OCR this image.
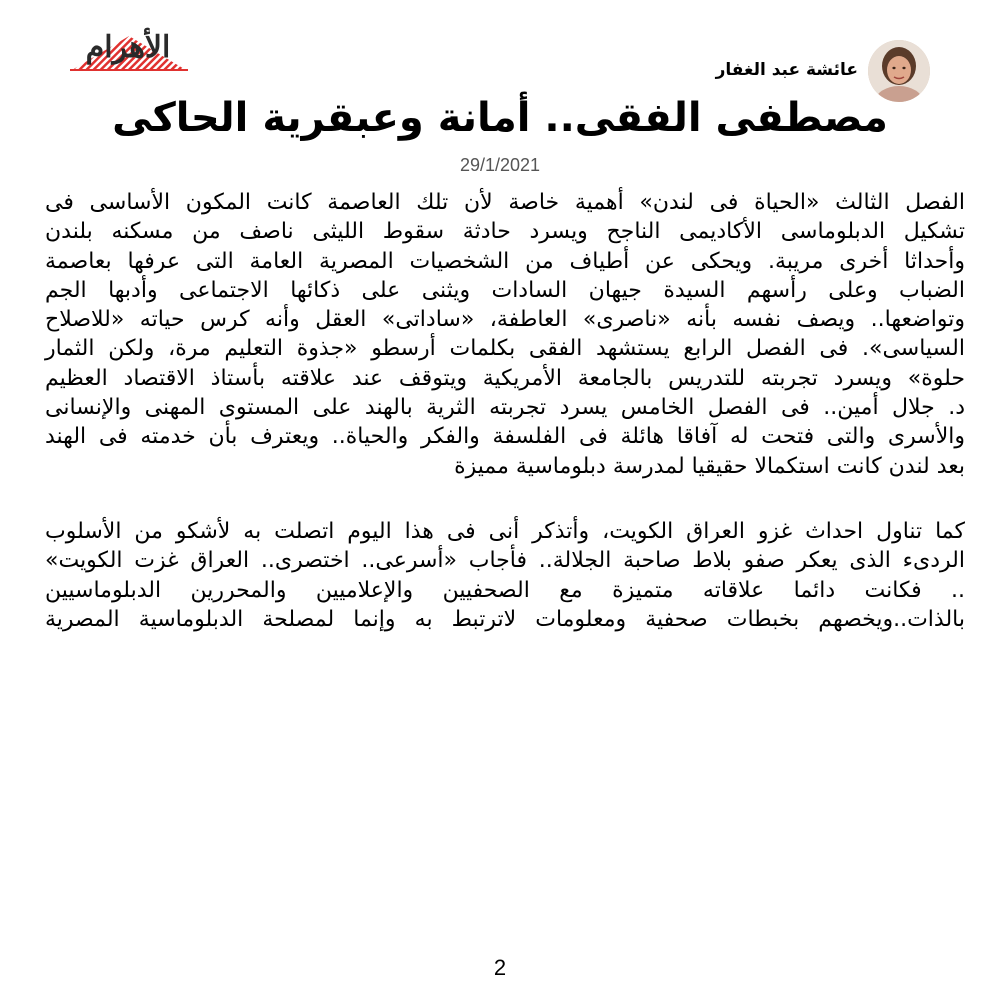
الأهرام
عائشة عبد الغفار
مصطفى الفقى.. أمانة وعبقرية الحاكى
29/1/2021
الفصل الثالث «الحياة فى لندن» أهمية خاصة لأن تلك العاصمة كانت المكون الأساسى فى
تشكيل الدبلوماسى الأكاديمى الناجح ويسرد حادثة سقوط الليثى ناصف من مسكنه بلندن
وأحداثا أخرى مريبة. ويحكى عن أطياف من الشخصيات المصرية العامة التى عرفها بعاصمة
الضباب وعلى رأسهم السيدة جيهان السادات ويثنى على ذكائها الاجتماعى وأدبها الجم
وتواضعها.. ويصف نفسه بأنه «ناصرى» العاطفة، «ساداتى» العقل وأنه كرس حياته «للاصلاح
السياسى». فى الفصل الرابع يستشهد الفقى بكلمات أرسطو «جذوة التعليم مرة، ولكن الثمار
حلوة» ويسرد تجربته للتدريس بالجامعة الأمريكية ويتوقف عند علاقته بأستاذ الاقتصاد العظيم
د. جلال أمين.. فى الفصل الخامس يسرد تجربته الثرية بالهند على المستوى المهنى والإنسانى
والأسرى والتى فتحت له آفاقا هائلة فى الفلسفة والفكر والحياة.. ويعترف بأن خدمته فى الهند
بعد لندن كانت استكمالا حقيقيا لمدرسة دبلوماسية مميزة
كما تناول احداث غزو العراق الكويت، وأتذكر أنى فى هذا اليوم اتصلت به لأشكو من الأسلوب
الردىء الذى يعكر صفو بلاط صاحبة الجلالة.. فأجاب «أسرعى.. اختصرى.. العراق غزت الكويت»
.. فكانت دائما علاقاته متميزة مع الصحفيين والإعلاميين والمحررين الدبلوماسيين
بالذات..ويخصهم بخبطات صحفية ومعلومات لاترتبط به وإنما لمصلحة الدبلوماسية المصرية
2
